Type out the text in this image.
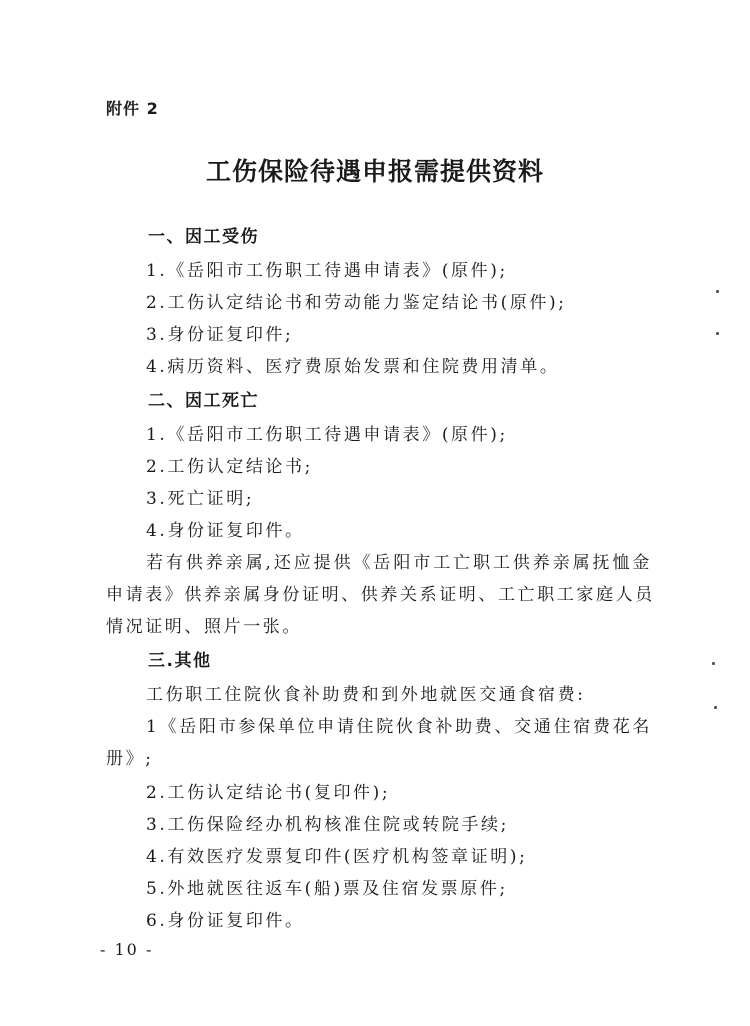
附件 2
工伤保险待遇申报需提供资料
一、因工受伤
1.《岳阳市工伤职工待遇申请表》(原件);
2.工伤认定结论书和劳动能力鉴定结论书(原件);
3.身份证复印件;
4.病历资料、医疗费原始发票和住院费用清单。
二、因工死亡
1.《岳阳市工伤职工待遇申请表》(原件);
2.工伤认定结论书;
3.死亡证明;
4.身份证复印件。
若有供养亲属,还应提供《岳阳市工亡职工供养亲属抚恤金
申请表》供养亲属身份证明、供养关系证明、工亡职工家庭人员
情况证明、照片一张。
三.其他
工伤职工住院伙食补助费和到外地就医交通食宿费:
1《岳阳市参保单位申请住院伙食补助费、交通住宿费花名
册》;
2.工伤认定结论书(复印件);
3.工伤保险经办机构核准住院或转院手续;
4.有效医疗发票复印件(医疗机构签章证明);
5.外地就医往返车(船)票及住宿发票原件;
6.身份证复印件。
- 10 -
